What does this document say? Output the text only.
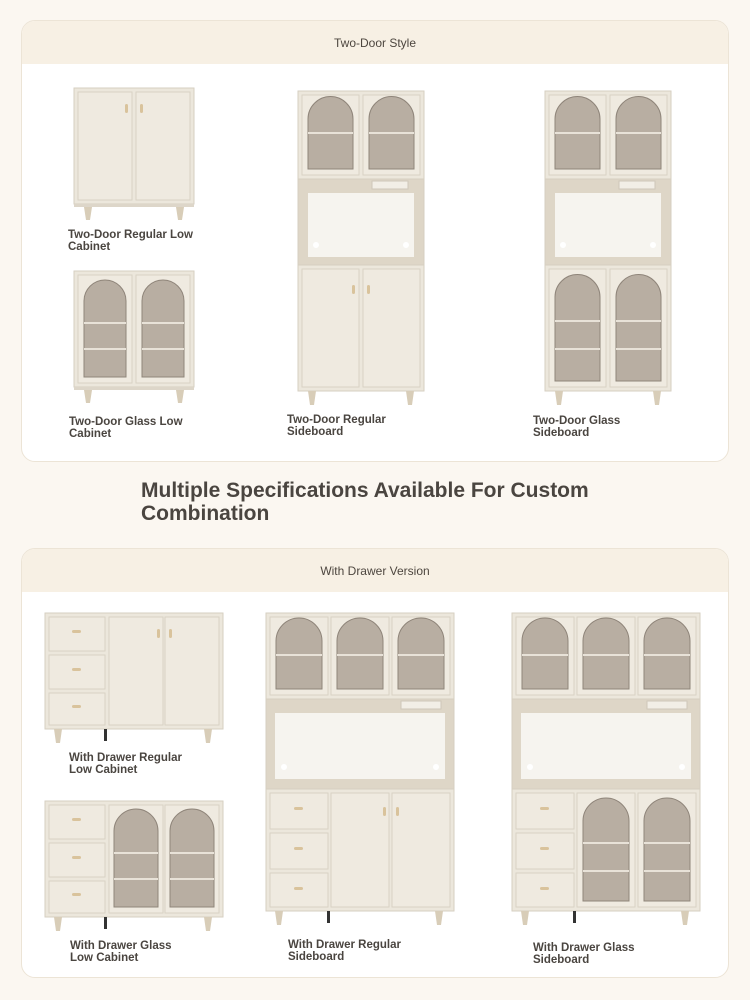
Two-Door Style
Two-Door Regular Low
Cabinet
Two-Door Glass Low
Cabinet
Two-Door Regular
Sideboard
Two-Door Glass
Sideboard
Multiple Specifications Available For Custom
Combination
With Drawer Version
With Drawer Regular
Low Cabinet
With Drawer Glass
Low Cabinet
With Drawer Regular
Sideboard
With Drawer Glass
Sideboard
